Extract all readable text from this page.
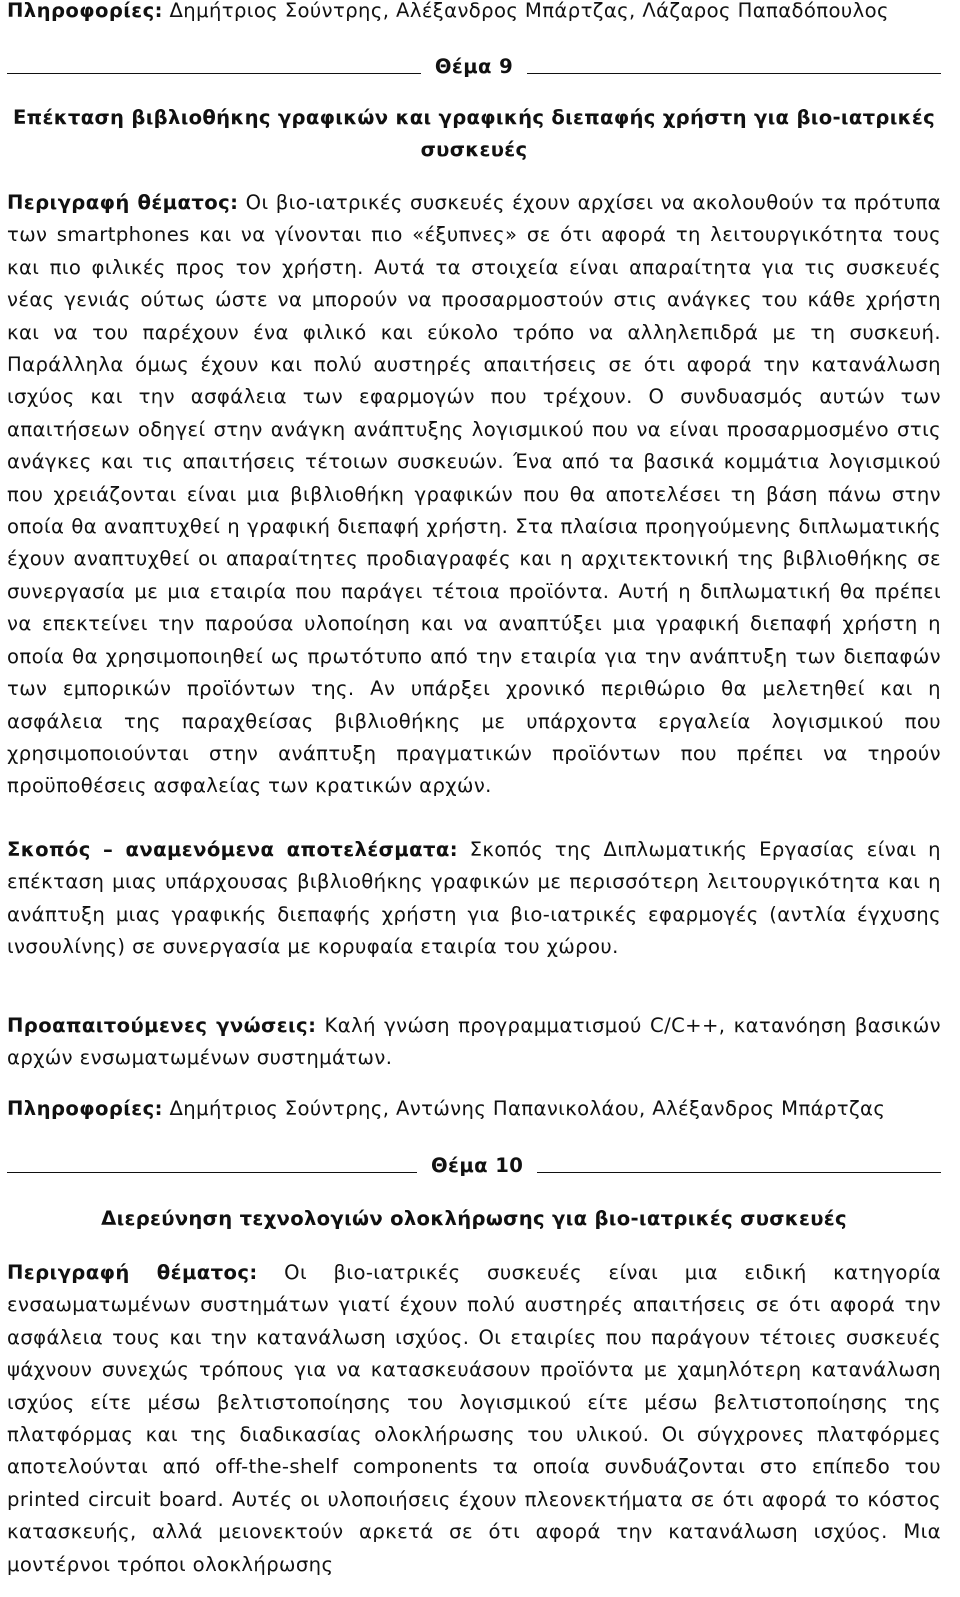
Πληροφορίες: Δημήτριος Σούντρης, Αλέξανδρος Μπάρτζας, Λάζαρος Παπαδόπουλος

Θέμα 9

Επέκταση βιβλιοθήκης γραφικών και γραφικής διεπαφής χρήστη για βιο-ιατρικές συσκευές

Περιγραφή θέματος: Οι βιο-ιατρικές συσκευές έχουν αρχίσει να ακολουθούν τα πρότυπα των smartphones και να γίνονται πιο «έξυπνες» σε ότι αφορά τη λειτουργικότητα τους και πιο φιλικές προς τον χρήστη. Αυτά τα στοιχεία είναι απαραίτητα για τις συσκευές νέας γενιάς ούτως ώστε να μπορούν να προσαρμοστούν στις ανάγκες του κάθε χρήστη και να του παρέχουν ένα φιλικό και εύκολο τρόπο να αλληλεπιδρά με τη συσκευή. Παράλληλα όμως έχουν και πολύ αυστηρές απαιτήσεις σε ότι αφορά την κατανάλωση ισχύος και την ασφάλεια των εφαρμογών που τρέχουν. Ο συνδυασμός αυτών των απαιτήσεων οδηγεί στην ανάγκη ανάπτυξης λογισμικού που να είναι προσαρμοσμένο στις ανάγκες και τις απαιτήσεις τέτοιων συσκευών. Ένα από τα βασικά κομμάτια λογισμικού που χρειάζονται είναι μια βιβλιοθήκη γραφικών που θα αποτελέσει τη βάση πάνω στην οποία θα αναπτυχθεί η γραφική διεπαφή χρήστη. Στα πλαίσια προηγούμενης διπλωματικής έχουν αναπτυχθεί οι απαραίτητες προδιαγραφές και η αρχιτεκτονική της βιβλιοθήκης σε συνεργασία με μια εταιρία που παράγει τέτοια προϊόντα. Αυτή η διπλωματική θα πρέπει να επεκτείνει την παρούσα υλοποίηση και να αναπτύξει μια γραφική διεπαφή χρήστη η οποία θα χρησιμοποιηθεί ως πρωτότυπο από την εταιρία για την ανάπτυξη των διεπαφών των εμπορικών προϊόντων της. Αν υπάρξει χρονικό περιθώριο θα μελετηθεί και η ασφάλεια της παραχθείσας βιβλιοθήκης με υπάρχοντα εργαλεία λογισμικού που χρησιμοποιούνται στην ανάπτυξη πραγματικών προϊόντων που πρέπει να τηρούν προϋποθέσεις ασφαλείας των κρατικών αρχών.

Σκοπός – αναμενόμενα αποτελέσματα: Σκοπός της Διπλωματικής Εργασίας είναι η επέκταση μιας υπάρχουσας βιβλιοθήκης γραφικών με περισσότερη λειτουργικότητα και η ανάπτυξη μιας γραφικής διεπαφής χρήστη για βιο-ιατρικές εφαρμογές (αντλία έγχυσης ινσουλίνης) σε συνεργασία με κορυφαία εταιρία του χώρου.

Προαπαιτούμενες γνώσεις: Καλή γνώση προγραμματισμού C/C++, κατανόηση βασικών αρχών ενσωματωμένων συστημάτων.

Πληροφορίες: Δημήτριος Σούντρης, Αντώνης Παπανικολάου, Αλέξανδρος Μπάρτζας

Θέμα 10

Διερεύνηση τεχνολογιών ολοκλήρωσης για βιο-ιατρικές συσκευές

Περιγραφή θέματος: Οι βιο-ιατρικές συσκευές είναι μια ειδική κατηγορία ενσαωματωμένων συστημάτων γιατί έχουν πολύ αυστηρές απαιτήσεις σε ότι αφορά την ασφάλεια τους και την κατανάλωση ισχύος. Οι εταιρίες που παράγουν τέτοιες συσκευές ψάχνουν συνεχώς τρόπους για να κατασκευάσουν προϊόντα με χαμηλότερη κατανάλωση ισχύος είτε μέσω βελτιστοποίησης του λογισμικού είτε μέσω βελτιστοποίησης της πλατφόρμας και της διαδικασίας ολοκλήρωσης του υλικού. Οι σύγχρονες πλατφόρμες αποτελούνται από off-the-shelf components τα οποία συνδυάζονται στο επίπεδο του printed circuit board. Αυτές οι υλοποιήσεις έχουν πλεονεκτήματα σε ότι αφορά το κόστος κατασκευής, αλλά μειονεκτούν αρκετά σε ότι αφορά την κατανάλωση ισχύος. Μια μοντέρνοι τρόποι ολοκλήρωσης
